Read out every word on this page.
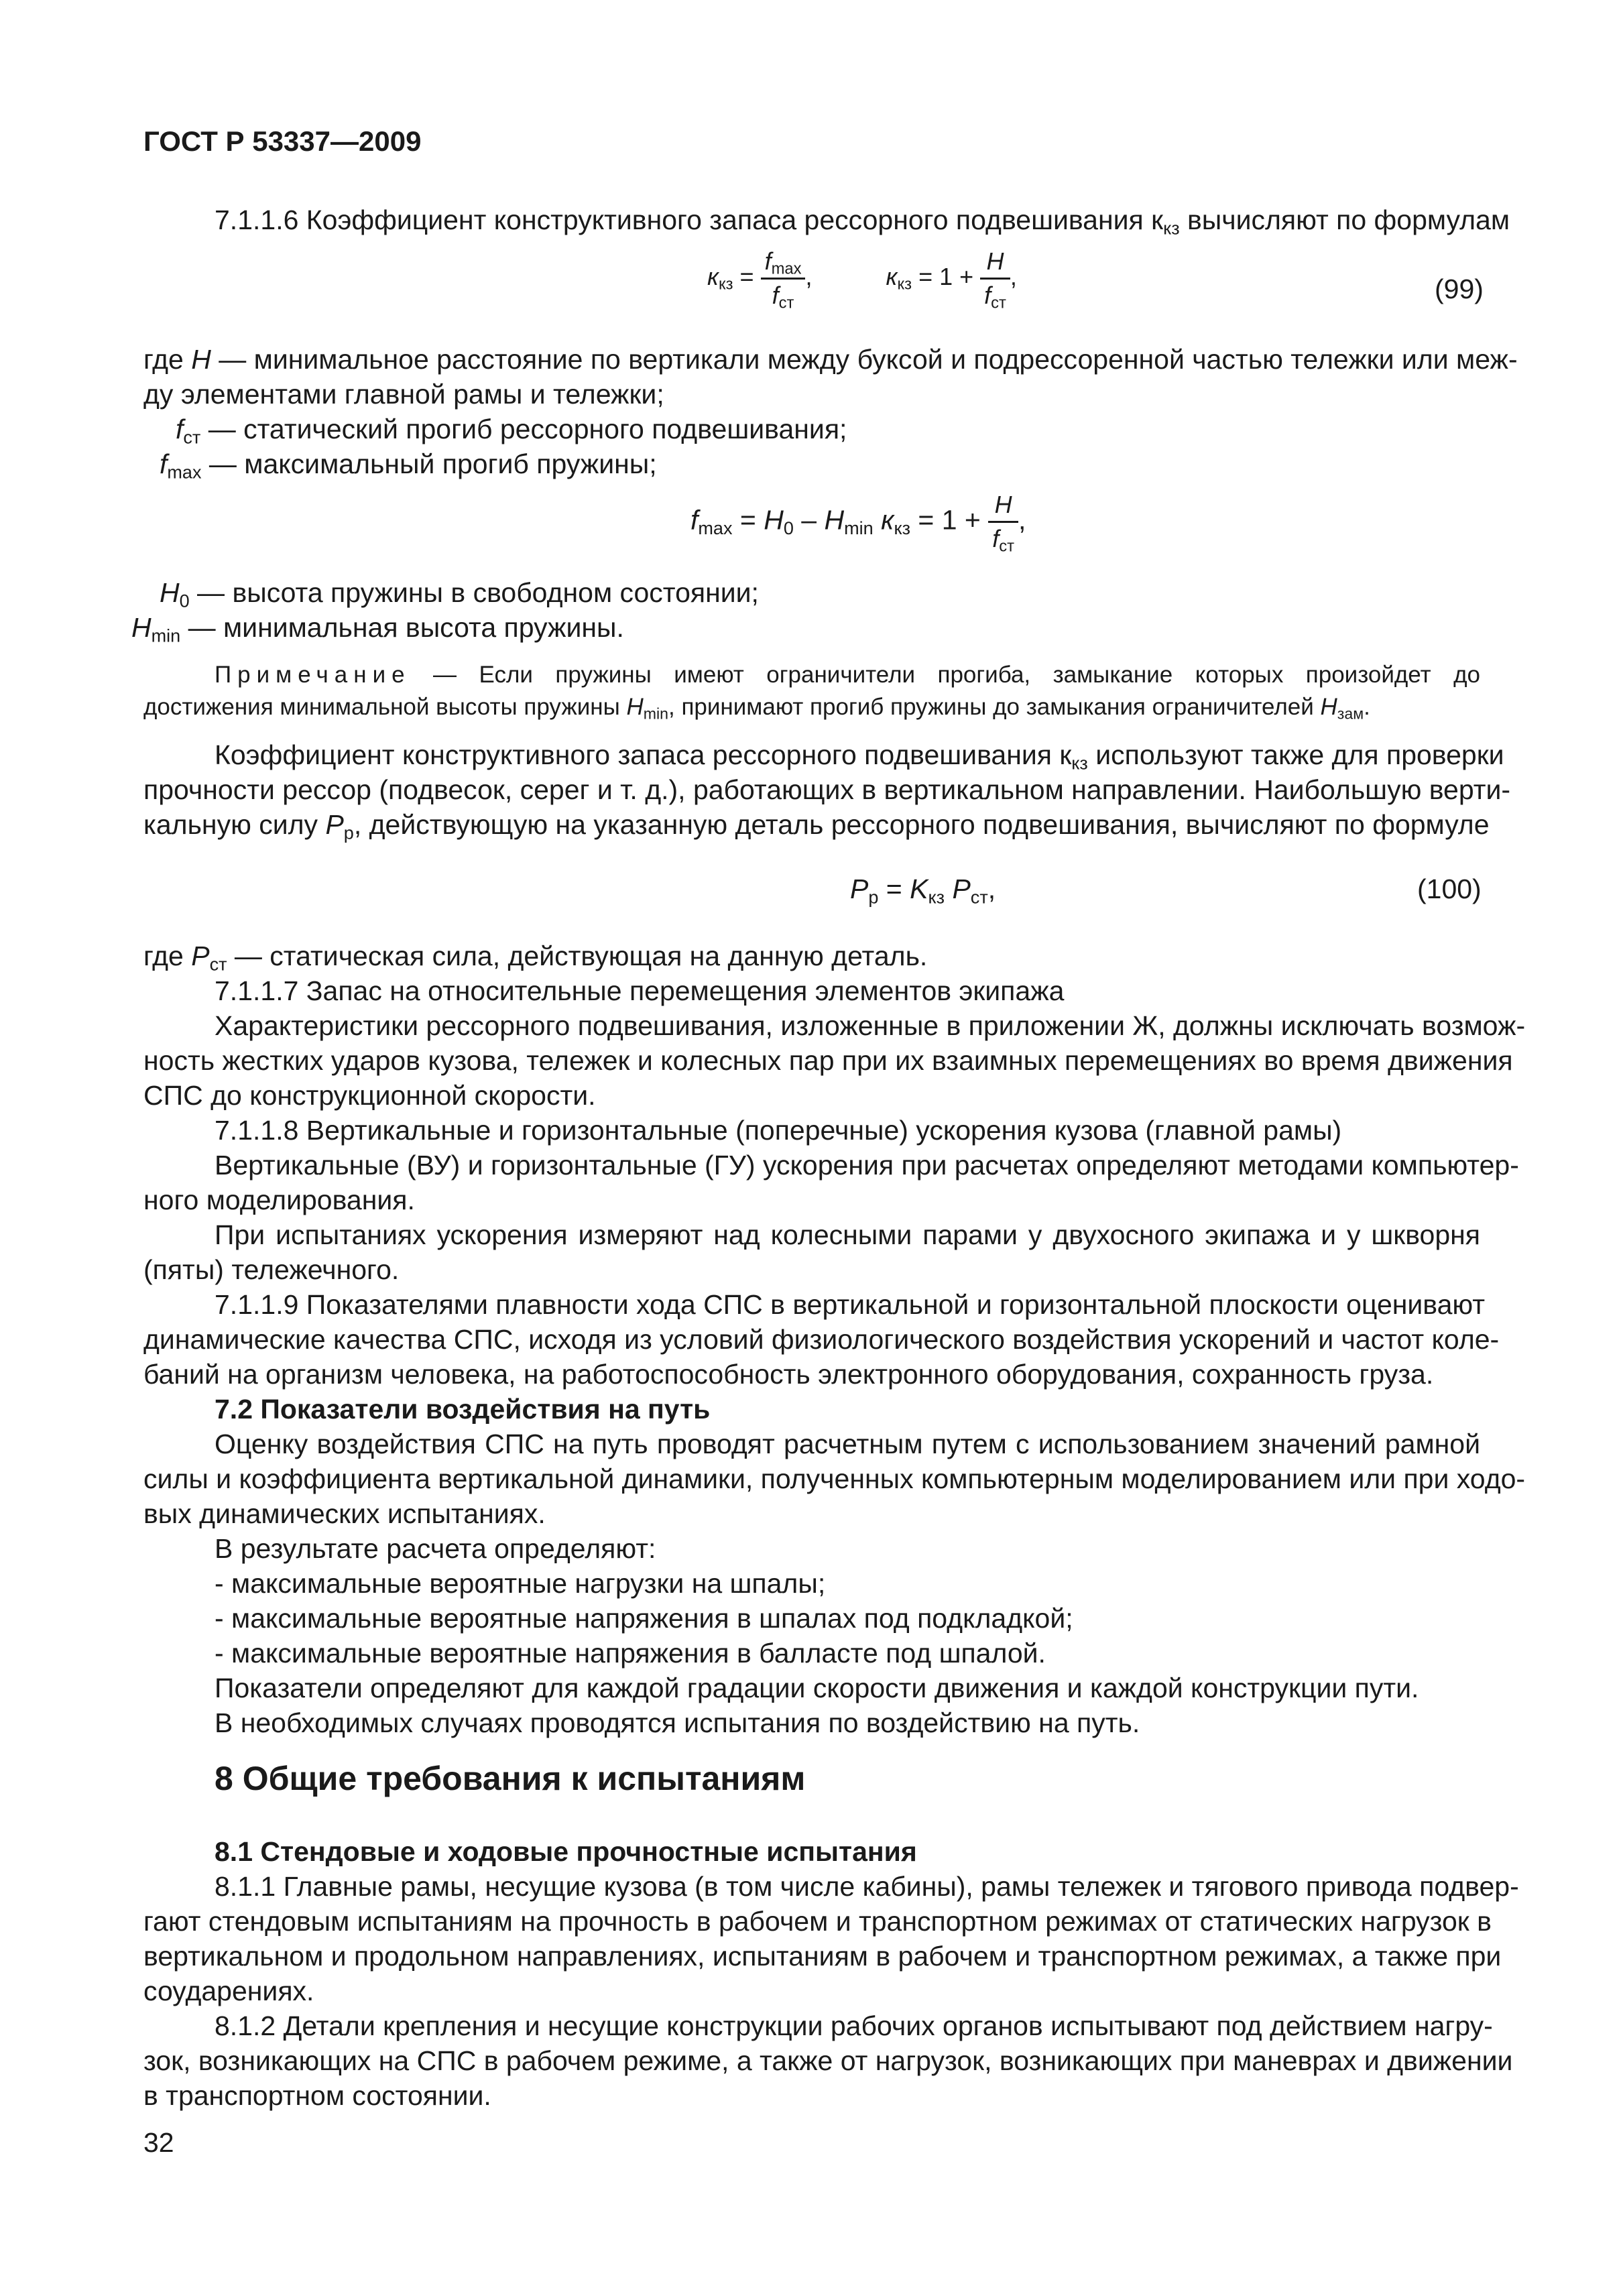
ГОСТ Р 53337—2009
7.1.1.6 Коэффициент конструктивного запаса рессорного подвешивания $к_{кз}$ вычисляют по формулам
$к_{кз} = \frac{f_{max}}{f_{ст}}$ ,	$к_{кз} = 1 + \frac{H}{f_{ст}}$ ,	(99)
где H — минимальное расстояние по вертикали между буксой и подрессоренной частью тележки или меж-
ду элементами главной рамы и тележки;
$f_{ст}$ — статический прогиб рессорного подвешивания;
$f_{max}$ — максимальный прогиб пружины;
$f_{max} = H_0 - H_{min}$ $к_{кз} = 1 + \frac{H}{f_{ст}}$ ,
$H_0$ — высота пружины в свободном состоянии;
$H_{min}$ — минимальная высота пружины.
Примечание — Если пружины имеют ограничители прогиба, замыкание которых произойдет до
достижения минимальной высоты пружины $H_{min}$, принимают прогиб пружины до замыкания ограничителей $H_{зам}$.
Коэффициент конструктивного запаса рессорного подвешивания $к_{кз}$ используют также для проверки
прочности рессор (подвесок, серег и т. д.), работающих в вертикальном направлении. Наибольшую верти-
кальную силу $P_р$, действующую на указанную деталь рессорного подвешивания, вычисляют по формуле
$P_р = K_{кз}$ $P_{ст}$,	(100)
где $P_{ст}$ — статическая сила, действующая на данную деталь.
7.1.1.7 Запас на относительные перемещения элементов экипажа
Характеристики рессорного подвешивания, изложенные в приложении Ж, должны исключать возмож-
ность жестких ударов кузова, тележек и колесных пар при их взаимных перемещениях во время движения
СПС до конструкционной скорости.
7.1.1.8 Вертикальные и горизонтальные (поперечные) ускорения кузова (главной рамы)
Вертикальные (ВУ) и горизонтальные (ГУ) ускорения при расчетах определяют методами компьютер-
ного моделирования.
При испытаниях ускорения измеряют над колесными парами у двухосного экипажа и у шкворня
(пяты) тележечного.
7.1.1.9 Показателями плавности хода СПС в вертикальной и горизонтальной плоскости оценивают
динамические качества СПС, исходя из условий физиологического воздействия ускорений и частот коле-
баний на организм человека, на работоспособность электронного оборудования, сохранность груза.
7.2 Показатели воздействия на путь
Оценку воздействия СПС на путь проводят расчетным путем с использованием значений рамной
силы и коэффициента вертикальной динамики, полученных компьютерным моделированием или при ходо-
вых динамических испытаниях.
В результате расчета определяют:
- максимальные вероятные нагрузки на шпалы;
- максимальные вероятные напряжения в шпалах под подкладкой;
- максимальные вероятные напряжения в балласте под шпалой.
Показатели определяют для каждой градации скорости движения и каждой конструкции пути.
В необходимых случаях проводятся испытания по воздействию на путь.
8 Общие требования к испытаниям
8.1 Стендовые и ходовые прочностные испытания
8.1.1 Главные рамы, несущие кузова (в том числе кабины), рамы тележек и тягового привода подвер-
гают стендовым испытаниям на прочность в рабочем и транспортном режимах от статических нагрузок в
вертикальном и продольном направлениях, испытаниям в рабочем и транспортном режимах, а также при
соударениях.
8.1.2 Детали крепления и несущие конструкции рабочих органов испытывают под действием нагру-
зок, возникающих на СПС в рабочем режиме, а также от нагрузок, возникающих при маневрах и движении
в транспортном состоянии.
32
